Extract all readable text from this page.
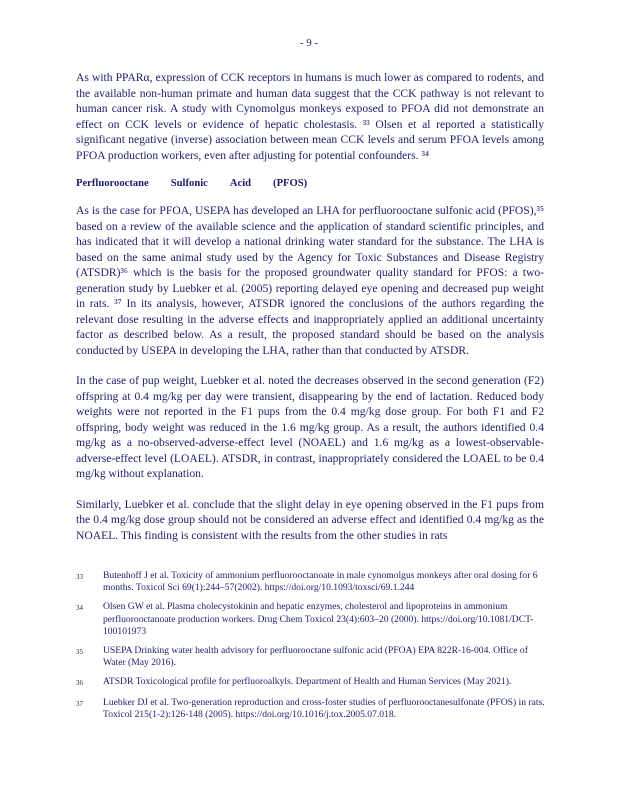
- 9 -

As with PPARα, expression of CCK receptors in humans is much lower as compared to rodents, and the available non-human primate and human data suggest that the CCK pathway is not relevant to human cancer risk. A study with Cynomolgus monkeys exposed to PFOA did not demonstrate an effect on CCK levels or evidence of hepatic cholestasis. ³³ Olsen et al reported a statistically significant negative (inverse) association between mean CCK levels and serum PFOA levels among PFOA production workers, even after adjusting for potential confounders. ³⁴

Perfluorooctane Sulfonic Acid (PFOS)

As is the case for PFOA, USEPA has developed an LHA for perfluorooctane sulfonic acid (PFOS),³⁵ based on a review of the available science and the application of standard scientific principles, and has indicated that it will develop a national drinking water standard for the substance. The LHA is based on the same animal study used by the Agency for Toxic Substances and Disease Registry (ATSDR)³⁶ which is the basis for the proposed groundwater quality standard for PFOS: a two-generation study by Luebker et al. (2005) reporting delayed eye opening and decreased pup weight in rats. ³⁷ In its analysis, however, ATSDR ignored the conclusions of the authors regarding the relevant dose resulting in the adverse effects and inappropriately applied an additional uncertainty factor as described below. As a result, the proposed standard should be based on the analysis conducted by USEPA in developing the LHA, rather than that conducted by ATSDR.

In the case of pup weight, Luebker et al. noted the decreases observed in the second generation (F2) offspring at 0.4 mg/kg per day were transient, disappearing by the end of lactation. Reduced body weights were not reported in the F1 pups from the 0.4 mg/kg dose group. For both F1 and F2 offspring, body weight was reduced in the 1.6 mg/kg group. As a result, the authors identified 0.4 mg/kg as a no-observed-adverse-effect level (NOAEL) and 1.6 mg/kg as a lowest-observable-adverse-effect level (LOAEL). ATSDR, in contrast, inappropriately considered the LOAEL to be 0.4 mg/kg without explanation.

Similarly, Luebker et al. conclude that the slight delay in eye opening observed in the F1 pups from the 0.4 mg/kg dose group should not be considered an adverse effect and identified 0.4 mg/kg as the NOAEL. This finding is consistent with the results from the other studies in rats

33	Butenhoff J et al. Toxicity of ammonium perfluorooctanoate in male cynomolgus monkeys after oral dosing for 6 months. Toxicol Sci 69(1):244–57(2002). https://doi.org/10.1093/toxsci/69.1.244
34	Olsen GW et al. Plasma cholecystokinin and hepatic enzymes, cholesterol and lipoproteins in ammonium perfluorooctanoate production workers. Drug Chem Toxicol 23(4):603–20 (2000). https://doi.org/10.1081/DCT-100101973
35	USEPA Drinking water health advisory for perfluorooctane sulfonic acid (PFOA) EPA 822R-16-004. Office of Water (May 2016).
36	ATSDR Toxicological profile for perfluoroalkyls. Department of Health and Human Services (May 2021).
37	Luebker DJ et al. Two-generation reproduction and cross-foster studies of perfluorooctanesulfonate (PFOS) in rats. Toxicol 215(1-2):126-148 (2005). https://doi.org/10.1016/j.tox.2005.07.018.
